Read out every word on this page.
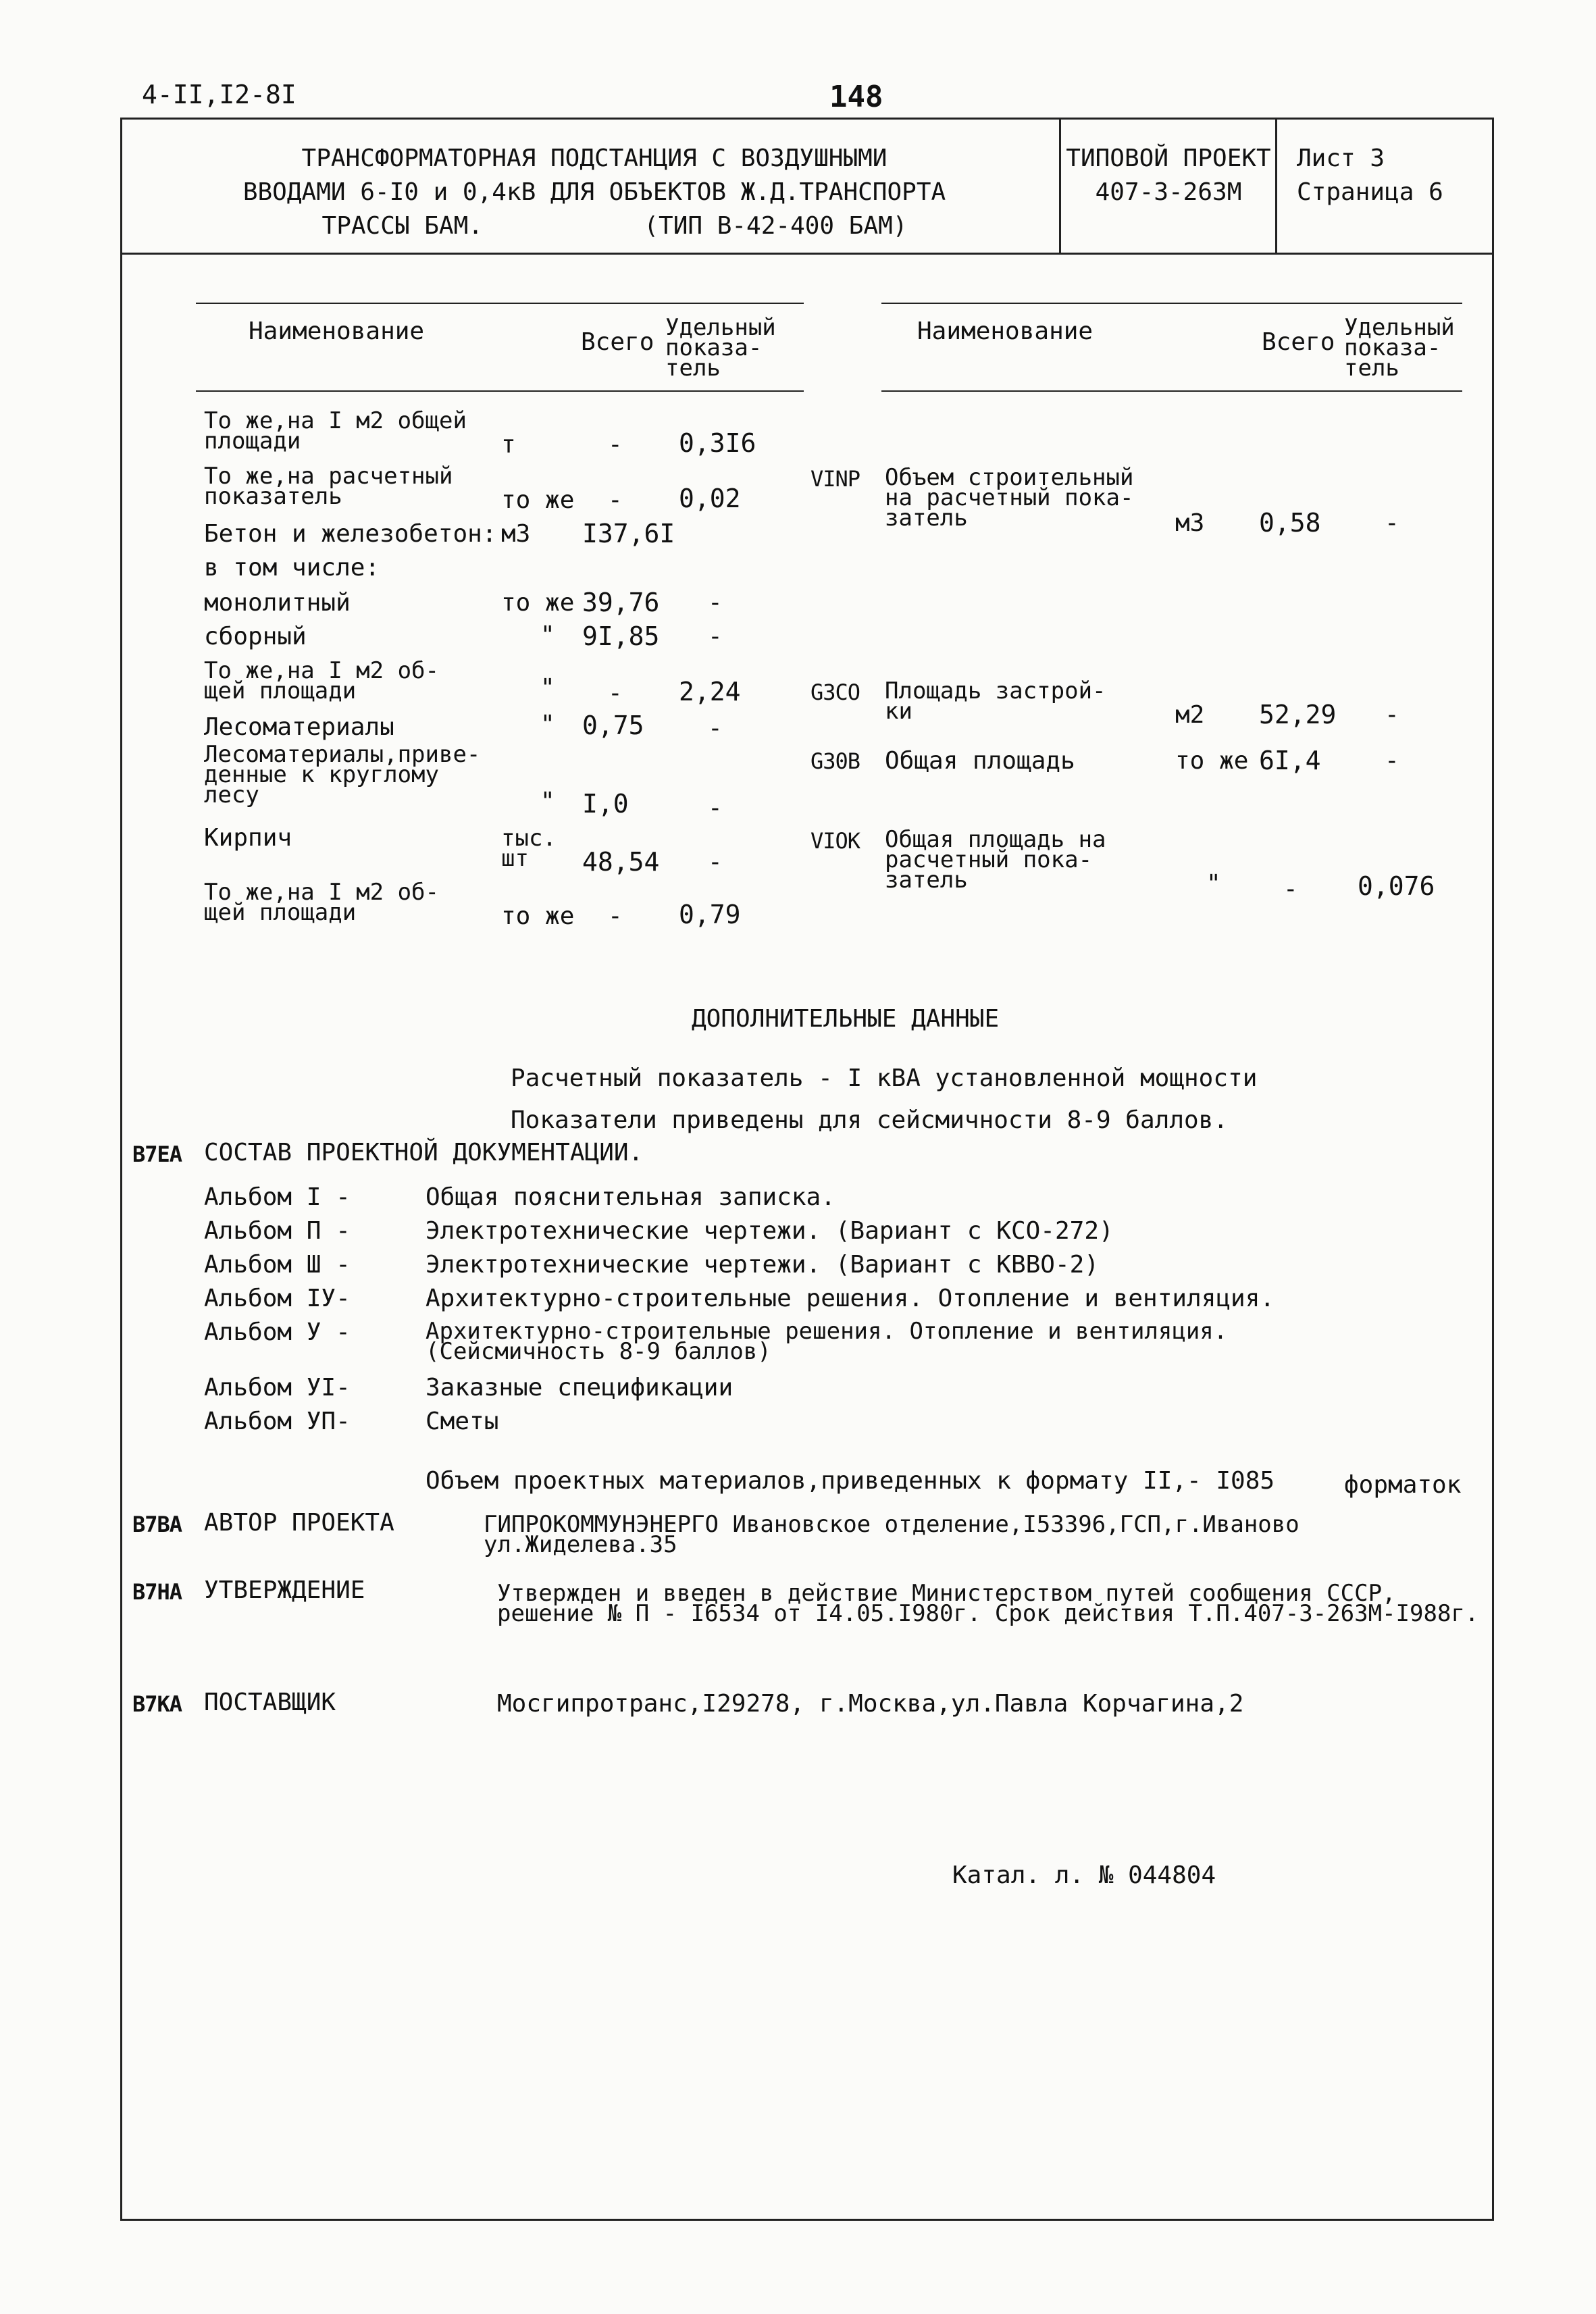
4-II,I2-8I	148
ТРАНСФОРМАТОРНАЯ ПОДСТАНЦИЯ С ВОЗДУШНЫМИ
ВВОДАМИ 6-I0 и 0,4кВ ДЛЯ ОБЪЕКТОВ Ж.Д.ТРАНСПОРТА
ТРАССЫ БАМ.           (ТИП В-42-400 БАМ)
ТИПОВОЙ ПРОЕКТ
407-3-263М
Лист 3
Страница 6
Наименование	Всего
Удельный
показа-
тель
Наименование	Всего
Удельный
показа-
тель
То же,на I м2 общей
площади	т	- 0,3I6
То же,на расчетный
показатель	то же - 0,02
Бетон и железобетон: м3 I37,6I
в том числе:
монолитный	то же 39,76 -
сборный	" 9I,85 -
То же,на I м2 об-
щей площади	" - 2,24
Лесоматериалы	" 0,75	-
Лесоматериалы,приве-
денные к круглому
лесу	" I,0	-
Кирпич	тыс.
шт	48,54 -
То же,на I м2 об-
щей площади	то же - 0,79
VINP Объем строительный
на расчетный пока-
затель	м3 0,58	-
G3CO Площадь застрой-
ки	м2 52,29 -
G30B Общая площадь	то же 6I,4	-
VIOK Общая площадь на
расчетный пока-
затель	"	- 0,076
ДОПОЛНИТЕЛЬНЫЕ ДАННЫЕ
Расчетный показатель - I кВА установленной мощности
Показатели приведены для сейсмичности 8-9 баллов.
В7ЕА СОСТАВ ПРОЕКТНОЙ ДОКУМЕНТАЦИИ.
Альбом I -	Общая пояснительная записка.
Альбом П -	Электротехнические чертежи. (Вариант с КСО-272)
Альбом Ш -	Электротехнические чертежи. (Вариант с КВВО-2)
Альбом IУ-	Архитектурно-строительные решения. Отопление и вентиляция.
Альбом У -	Архитектурно-строительные решения. Отопление и вентиляция.
(Сейсмичность 8-9 баллов)
Альбом УI-	Заказные спецификации
Альбом УП-	Сметы
Объем проектных материалов,приведенных к формату II,- I085	форматок
В7ВА АВТОР ПРОЕКТА	ГИПРОКОММУНЭНЕРГО Ивановское отделение,I53396,ГСП,г.Иваново
ул.Жиделева.35
В7НА УТВЕРЖДЕНИЕ	Утвержден и введен в действие Министерством путей сообщения СССР,
решение № П - I6534 от I4.05.I980г. Срок действия Т.П.407-3-263М-I988г.
В7КА ПОСТАВЩИК	Мосгипротранс,I29278, г.Москва,ул.Павла Корчагина,2
Катал. л. № 044804
